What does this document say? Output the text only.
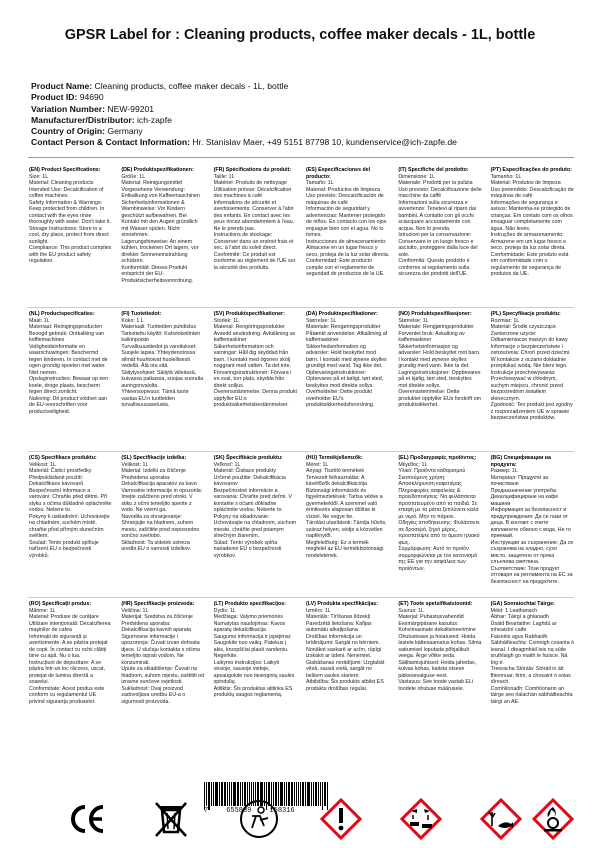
GPSR Label for : Cleaning products, coffee maker decals - 1L, bottle
Product Name: Cleaning products, coffee maker decals - 1L, bottle
Product ID: 94690
Variation Number: NEW-99201
Manufacturer/Distributor: ich-zapfe
Country of Origin: Germany
Contact Person & Contact Information: Hr. Stanislav Maer, +49 5151 87798 10, kundenservice@ich-zapfe.de
(EN) Product Specifications:
Size: 1L
Material: Cleaning products
Intended Use: Decalcification of coffee machines
Safety Information & Warnings: Keep protected from children. In contact with the eyes rinse thoroughly with water. Don't take it.
Storage Instructions: Store in a cool, dry place, protect from direct sunlight.
Compliance: This product complies with the EU product safety regulation.
(DE) Produktspezifikationen:
Größe: 1L
Material: Reinigungsmittel
Vorgesehene Verwendung: Entkalkung von Kaffeemaschinen
Sicherheitsinformationen & Warnhinweise: Vor Kindern geschützt aufbewahren. Bei Kontakt mit den Augen gründlich mit Wasser spülen. Nicht einnehmen.
Lagerungshinweise: An einem kühlen, trockenen Ort lagern, vor direkter Sonneneinstrahlung schützen.
Konformität: Dieses Produkt entspricht der EU-Produktsicherheitsverordnung.
(FR) Spécifications du produit:
Taille: 1L
Matériel: Produits de nettoyage
Utilisation prévue: Décalcification des machines à café
Informations de sécurité et avertissements: Conserver à l'abri des enfants. En contact avec les yeux rincez abondamment à l'eau. Ne le prends pas.
Instructions de stockage: Conserver dans un endroit frais et sec, à l'abri du soleil direct.
Conformité: Ce produit est conforme au règlement de l'UE sur la sécurité des produits.
(ES) Especificaciones del producto:
Tamaño: 1L
Material: Productos de limpieza
Uso previsto: Descalcificación de máquinas de café
Información de seguridad y advertencias: Mantener protegido de niños. En contacto con los ojos enjuague bien con el agua. No lo tomes.
Instrucciones de almacenamiento: Almacene en un lugar fresco y seco, proteja de la luz solar directa.
Conformidad: Este producto cumple con el reglamento de seguridad de productos de la UE.
(IT) Specifiche del prodotto:
Dimensione: 1L
Materiale: Prodotti per la pulizia
Uso previsto: Decalcificazione delle macchine da caffè
Informazioni sulla sicurezza e avvertenze: Tenetevi al riparo dai bambini. A contatto con gli occhi sciacquare accuratamente con acqua. Non lo prenda.
Istruzioni per la conservazione: Conservare in un luogo fresco e asciutto, proteggere dalla luce del sole.
Conformità: Questo prodotto è conforme al regolamento sulla sicurezza dei prodotti dell'UE.
(PT) Especificações do produto:
Tamanho: 1L
Material: Produtos de limpeza
Uso pretendido: Descalcificação de máquinas de café
Informações de segurança e avisos: Mantenha-se protegido de crianças. Em contato com os olhos enxaguar completamente com água. Não leves.
Instruções de armazenamento: Armazene em um lugar fresco e seco, proteja da luz solar direta.
Conformidade: Este produto está em conformidade com o regulamento de segurança de produtos da UE.
(NL) Productspecificaties:
Maat: 1L
Materiaal: Reinigingsproducten
Beoogd gebruik: Ontkalking van koffiemachines
Veiligheidsinformatie en waarschuwingen: Beschermd tegen kinderen. In contact met de ogen grondig spoelen met water. Niet nemen.
Opslaginstructies: Bewaar op een koele, droge plaats, bescherm tegen direct zonlicht.
Naleving: Dit product voldoet aan de EU-voorschriften voor productveiligheid.
(FI) Tuotetiedot:
Koko: 1 L
Materiaali: Tuotteiden puhdistus
Tarkoitettu käyttö: Kahvinkeitinten kalkinpoisto
Turvallisuustiedot ja varoitukset: Suojele lapsia. Yhteydenotossa silmät huuhtoivat huolellisesti vedellä. Älä ota sitä.
Säilytysohjeet: Säilytä viileässä, kuivassa paikassa, suojaa suoralta auringonvalolta.
Yhteensopivuus: Tämä tuote vastaa EU:n tuotteiden turvallisuusasetusta.
(SV) Produktspecifikationer:
Storlek: 1L
Material: Rengöringsprodukter
Avsedd användning: Avkalkning av kaffemaskiner
Säkerhetsinformation och varningar: Håll dig skyddad från barn. I kontakt med ögonen skölj noggrant med vatten. Ta det inte.
Förvaringsinstruktioner: Förvara i en sval, torr plats, skydda från direkt solljus.
Överensstämmelse: Denna produkt uppfyller EU:s produktsäkerhetsbestämmelser.
(DA) Produktspecifikationer:
Størrelse: 1L
Materiale: Rengøringsprodukter
Påtænkt anvendelse: Afkalkning af kaffemaskiner
Sikkerhedsinformation og advarsler: Hold beskyttet mod børn. I kontakt med øjnene skylles grundigt med vand. Tag ikke det.
Opbevaringsinstruktioner: Opbevares på et køligt, tørt sted, beskyttes mod direkte sollys.
Overholdelse: Dette produkt overholder EU's produktsikkerhedsforordning.
(NO) Produktspesifikasjoner:
Størrelse: 1L
Materiale: Rengjøringsprodukter
Forventet bruk: Avkalking av kaffemaskiner
Sikkerhetsinformasjon og advarsler: Hold beskyttet mot barn. I kontakt med øynene skylles grundig med vann. Ikke ta det.
Lagringsinstruksjoner: Oppbevares på et kjølig, tørt sted, beskyttes mot direkte sollys.
Overensstemmelse: Dette produktet oppfyller EUs forskrift om produktsikkerhet.
(PL) Specyfikacje produktu:
Rozmiar: 1L
Materiał: Środki czyszczące
Zamierzone użycie: Odkamieniacze maszyn do kawy
Informacje o bezpieczeństwie i ostrzeżenia: Chroń przed dziećmi. W kontakcie z oczami dokładnie przepłukać wodą. Nie bierz tego.
Instrukcje przechowywania: Przechowywać w chłodnym, suchym miejscu, chronić przed bezpośrednim światłem słonecznym.
Zgodność: Ten produkt jest zgodny z rozporządzeniem UE w sprawie bezpieczeństwa produktów.
(CS) Specifikace produktu:
Velikost: 1L
Materiál: Čisticí prostředky
Předpokládané použití: Dekalcifikace kávovarů
Bezpečnostní informace a varování: Chraňte před dětmi. Při styku s očima důkladně opláchněte vodou. Nebere to.
Pokyny k uskladnění: Uchovávejte na chladném, suchém místě, chraňte před přímým slunečním světlem.
Soulad: Tento produkt splňuje nařízení EU o bezpečnosti výrobků.
(SL) Specifikacije izdelka:
Velikost: 1L
Material: Izdelki za čiščenje
Predvidena uporaba: Dekalcifikacija aparatov za kavo
Varnostne informacije in opozorila: Imejte zaščiteno pred otroki. V stiku z očmi temeljito sperite z vodo. Ne vzemi ga.
Navodila za shranjevanje: Shranjujte na hladnem, suhem mestu, zaščitite pred neposredno sončno svetlobo.
Skladnost: Ta izdelek ustreza uredbi EU o varnosti izdelkov.
(SK) Špecifikácie produktu:
Veľkosť: 1L
Materiál: Čistiace produkty
Určené použitie: Dekalcifikácia kávovarov
Bezpečnostné informácie a varovania: Chráňte pred deťmi. V kontakte s očami dôkladne opláchnite vodou. Neberte to.
Pokyny na skladovanie: Uchovávajte na chladnom, suchom mieste, chráňte pred priamym slnečným žiarením.
Súlad: Tento výrobok spĺňa nariadenie EÚ o bezpečnosti výrobkov.
(HU) Termékjellemzők:
Méret: 1L
Anyag: Tisztító termékek
Tervezett felhasználás: A kávéfőzők dekalcifikációja
Biztonsági információk és figyelmeztetések: Tartsa védve a gyermekektől. A szemmel való érintkezés alaposan öblítse ki vízzel. Ne vegye be.
Tárolási utasítások: Tárolja hűvös, száraz helyen, védje a közvetlen napfénytől.
Megfelelőség: Ez a termék megfelel az EU termékbiztonsági rendeletének.
(EL) Προδιαγραφές προϊόντος:
Μέγεθος: 1L
Υλικό: Προϊόντα καθαρισμού
Σκοπούμενη χρήση: Αποσκλήρυνση καφετιέρας
Πληροφορίες ασφαλείας & προειδοποιήσεις: Να φυλάσσεται προστατευμένο από τα παιδιά. Σε επαφή με τα μάτια ξεπλύνετε καλά με νερό. Μην το πάρετε.
Οδηγίες αποθήκευσης: Φυλάσσετε σε δροσερό, ξηρό μέρος, προστατέψτε από το άμεσο ηλιακό φως.
Συμμόρφωση: Αυτό το προϊόν συμμορφώνεται με τον κανονισμό της ΕΕ για την ασφάλεια των προϊόντων.
(BG) Спецификации на продукта:
Размер: 1L
Материал: Продукти за почистване
Предназначение употреба: Декалцифициране на кафе машини
Информация за безопасност и предупреждения: Да се пази от деца. В контакт с очите изплакнете обилно с вода. Не го приемай.
Инструкции за съхранение: Да се съхранява на хладно, сухо място, защитено от пряка слънчева светлина.
Съответствие: Този продукт отговаря на регламента на ЕС за безопасност на продуктите.
(RO) Specificații produs:
Mărime: 1L
Material: Produse de curățare
Utilizare intenționată: Decalcifierea mașinilor de cafea
Informații de siguranță și avertismente: A se păstra protejat de copii. În contact cu ochii clătiți bine cu apă. Nu o lua.
Instrucțiuni de depozitare: A se păstra într-un loc răcoros, uscat, protejat de lumina directă a soarelui.
Conformitate: Acest produs este conform cu regulamentul UE privind siguranța produselor.
(HR) Specifikacije proizvoda:
Veličina: 1L
Materijal: Sredstva za čišćenje
Predviđena uporaba: Dekalcifikacija kavnih aparata
Sigurnosne informacije i upozorenja: Čuvati izvan dohvata djece. U slučaju kontakta s očima temeljito isprati vodom. Ne konzumirati.
Upute za skladištenje: Čuvati na hladnom, suhom mjestu, zaštititi od izravne sunčeve svjetlosti.
Sukladnost: Ovaj proizvod zadovoljava uredbu EU-a o sigurnosti proizvoda.
(LT) Produkto specifikacijos:
Dydis: 1L
Medžiaga: Valymo priemonės
Numatytas naudojimas: Kavos aparatų dekalcifikacija
Saugumo informacija ir įspėjimai: Saugokite nuo vaikų. Patekus į akis, kruopščiai plauti vandeniu. Negerkite.
Laikymo instrukcijos: Laikyti vėsioje, sausoje vietoje, apsaugokite nuo tiesioginių saulės spindulių.
Atitiktis: Šis produktas atitinka ES produktų saugos reglamentą.
(LV) Produkta specifikācijas:
Izmērs: 1L
Materiāls: Tīrīšanas līdzekļi
Paredzētā lietošana: Kafijas automātu atkaļķošana
Drošības informācija un brīdinājumi: Sargāt no bērniem. Nonākot saskarē ar acīm, rūpīgi izskalot ar ūdeni. Nenemiet.
Glabāšanas norādījumi: Uzglabāt vēsā, sausā vietā, sargāt no tiešiem saules stariem.
Atbilstība: Šis produkts atbilst ES produktu drošības regulai.
(ET) Toote spetsifikatsioonid:
Suurus: 1L
Materjal: Puhastusvahendid
Eesmärgipärane kasutus: Kohvimasinate dekaltsineerimine
Ohutusteave ja hoiatused: Hoida lastele kättesaamatus kohas. Silma sattumisel loputada põhjalikult veega. Ärge võtke seda.
Säilitamisjuhised: Hoida jahedas, kuivas kohas, kaitsta otsese päikesevalguse eest.
Vastavus: See toode vastab ELi toodete ohutuse määrusele.
(GA) Sonraíochtaí Táirge:
Méid: 1 Leathanach
Ábhar: Táirgí a ghlanadh
Úsáid Beartaithe: Laghdú ar mheaisíní caife
Faisnéis agus Rabhaidh Sábháilteachta: Coinnigh cosanta ó leanaí. I dteagmháil leis na súile sruthlaigh go maith le huisce. Ná tóg é.
Treoracha Stórála: Stóráil in áit fhionnuar, tirim, a chosaint ó solas díreach.
Comhlíonadh: Comhlíonann an táirge seo rialachán sábháilteachta táirgí an AE.
7	655889	158316
